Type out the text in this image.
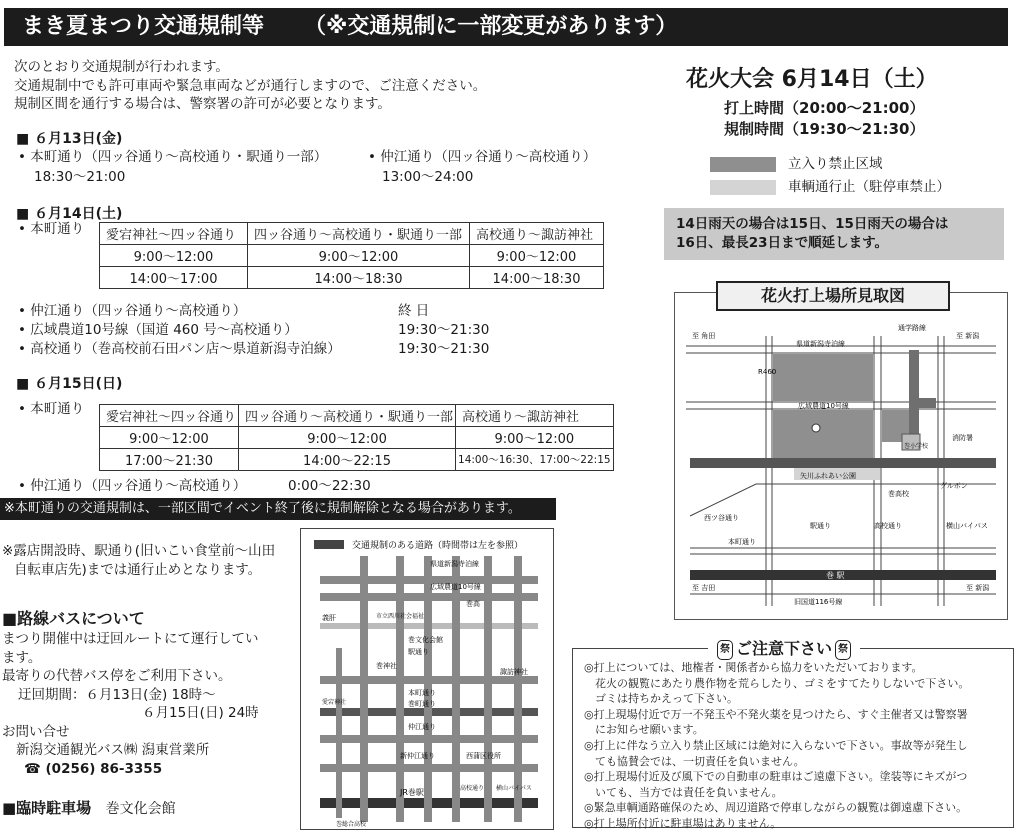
まき夏まつり交通規制等 （※交通規制に一部変更があります）
次のとおり交通規制が行われます。
交通規制中でも許可車両や緊急車両などが通行しますので、ご注意ください。
規制区間を通行する場合は、警察署の許可が必要となります。
■ ６月13日(金)
• 本町通り（四ッ谷通り～高校通り・駅通り一部）
18:30～21:00
• 仲江通り（四ッ谷通り～高校通り）
13:00～24:00
■ ６月14日(土)
• 本町通り 愛宕神社～四ッ谷通り	四ッ谷通り～高校通り・駅通り一部	高校通り～諏訪神社
9:00～12:00	9:00～12:00	9:00～12:00
14:00～17:00	14:00～18:30	14:00～18:30
• 仲江通り（四ッ谷通り～高校通り）	終 日
• 広域農道10号線（国道 460 号～高校通り）	19:30～21:30
• 高校通り（巻高校前石田パン店～県道新潟寺泊線）	19:30～21:30
■ ６月15日(日)
• 本町通り
愛宕神社～四ッ谷通り	四ッ谷通り～高校通り・駅通り一部	高校通り～諏訪神社
9:00～12:00	9:00～12:00	9:00～12:00
17:00～21:30	14:00～22:15	14:00～16:30、17:00～22:15
• 仲江通り（四ッ谷通り～高校通り）	0:00～22:30
※本町通りの交通規制は、一部区間でイベント終了後に規制解除となる場合があります。
※露店開設時、駅通り(旧いこい食堂前～山田
自転車店先)までは通行止めとなります。
■路線バスについて
まつり開催中は迂回ルートにて運行してい
ます。
最寄りの代替バス停をご利用下さい。
迂回期間：６月13日(金) 18時～
６月15日(日) 24時
お問い合せ
新潟交通観光バス㈱ 潟東営業所
☎ (0256) 86-3355
■臨時駐車場 巻文化会館
交通規制のある道路（時間帯は左を参照）
県道新潟寺泊線
広域農道10号線
巻高
義肝	市立西川社会福祉
巻文化会館
巻神社
駅通り
諏訪神社
本町通り
巻町通り
仲江通り
新仲江通り	西蒲区役所
JR巻駅
巻総合高校
愛宕神社
高校通り 横山バイパス
花火大会 6月14日（土）
打上時間（20:00～21:00）
規制時間（19:30～21:30）
立入り禁止区域
車輌通行止（駐停車禁止）
14日雨天の場合は15日、15日雨天の場合は
16日、最長23日まで順延します。
至 角田
県道新潟寺泊線
通学路線
至 新潟
R460
広域農道10号線
巻小学校
消防署
矢川ふれあい公園
巻高校
グルボン
西ツ谷通り
駅通り	高校通り
本町通り
横山バイパス
至 吉田
巻 駅
旧国道116号線
至 新潟
花火打上場所見取図
祭 ご注意下さい 祭
◎打上については、地権者・関係者から協力をいただいております。
　花火の観覧にあたり農作物を荒らしたり、ゴミをすてたりしないで下さい。
　ゴミは持ちかえって下さい。
◎打上現場付近で万一不発玉や不発火薬を見つけたら、すぐ主催者又は警察署
　にお知らせ願います。
◎打上に伴なう立入り禁止区域には絶対に入らないで下さい。事故等が発生し
　ても協賛会では、一切責任を負いません。
◎打上現場付近及び風下での自動車の駐車はご遠慮下さい。塗装等にキズがつ
　いても、当方では責任を負いません。
◎緊急車輌通路確保のため、周辺道路で停車しながらの観覧は御遠慮下さい。
◎打上場所付近に駐車場はありません。
